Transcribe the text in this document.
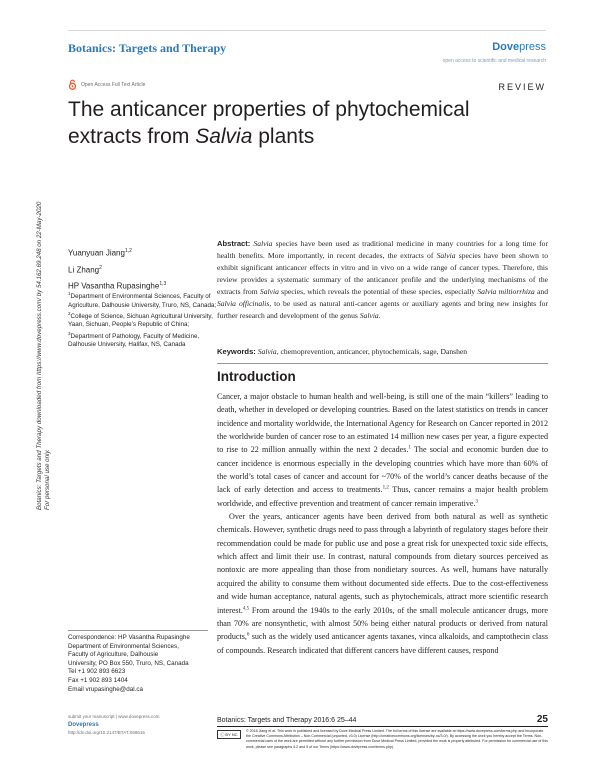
Botanics: Targets and Therapy	Dovepress
open access to scientific and medical research
Open Access Full Text Article	REVIEW
The anticancer properties of phytochemical
extracts from Salvia plants
Botanics: Targets and Therapy downloaded from https://www.dovepress.com/ by 54.162.69.248 on 22-May-2020 For personal use only.
Yuanyuan Jiang$^{1,2}$
Li Zhang$^2$
HP Vasantha Rupasinghe$^{1,3}$
$^1$Department of Environmental Sciences, Faculty of Agriculture, Dalhousie University, Truro, NS, Canada; $^2$College of Science, Sichuan Agricultural University, Yaan, Sichuan, People’s Republic of China; $^3$Department of Pathology, Faculty of Medicine, Dalhousie University, Halifax, NS, Canada
Correspondence: HP Vasantha Rupasinghe
Department of Environmental Sciences,
Faculty of Agriculture, Dalhousie
University, PO Box 550, Truro, NS, Canada
Tel +1 902 893 6623
Fax +1 902 893 1404
Email vrupasinghe@dal.ca
Abstract: Salvia species have been used as traditional medicine in many countries for a long time for health benefits. More importantly, in recent decades, the extracts of Salvia species have been shown to exhibit significant anticancer effects in vitro and in vivo on a wide range of cancer types. Therefore, this review provides a systematic summary of the anticancer profile and the underlying mechanisms of the extracts from Salvia species, which reveals the potential of these species, especially Salvia miltiorrhiza and Salvia officinalis, to be used as natural anti-cancer agents or auxiliary agents and bring new insights for further research and development of the genus Salvia.
Keywords: Salvia, chemoprevention, anticancer, phytochemicals, sage, Danshen
Introduction

Cancer, a major obstacle to human health and well-being, is still one of the main “killers” leading to death, whether in developed or developing countries. Based on the latest statistics on trends in cancer incidence and mortality worldwide, the International Agency for Research on Cancer reported in 2012 the worldwide burden of cancer rose to an estimated 14 million new cases per year, a figure expected to rise to 22 million annually within the next 2 decades.$^1$ The social and economic burden due to cancer incidence is enormous especially in the developing countries which have more than 60% of the world’s total cases of cancer and account for ~70% of the world’s cancer deaths because of the lack of early detection and access to treatments.$^{1,2}$ Thus, cancer remains a major health problem worldwide, and effective prevention and treatment of cancer remain imperative.$^3$

Over the years, anticancer agents have been derived from both natural as well as synthetic chemicals. However, synthetic drugs need to pass through a labyrinth of regulatory stages before their recommendation could be made for public use and pose a great risk for unexpected toxic side effects, which affect and limit their use. In contrast, natural compounds from dietary sources perceived as nontoxic are more appealing than those from nondietary sources. As well, humans have naturally acquired the ability to consume them without documented side effects. Due to the cost-effectiveness and wide human acceptance, natural agents, such as phytochemicals, attract more scientific research interest.$^{4,5}$ From around the 1940s to the early 2010s, of the small molecule anticancer drugs, more than 70% are nonsynthetic, with almost 50% being either natural products or derived from natural products,$^6$ such as the widely used anticancer agents taxanes, vinca alkaloids, and camptothecin class of compounds. Research indicated that different cancers have different causes, respond

submit your manuscript | www.dovepress.com
Dovepress
http://dx.doi.org/10.2147/BTAT.S68616
Botanics: Targets and Therapy 2016:6 25–44	25
ⓒ BY NC
© 2016 Jiang et al. This work is published and licensed by Dove Medical Press Limited. The full terms of this license are available at https://www.dovepress.com/terms.php and incorporate the Creative Commons Attribution – Non Commercial (unported, v3.0) License (http://creativecommons.org/licenses/by-nc/3.0/). By accessing the work you hereby accept the Terms. Non-commercial uses of the work are permitted without any further permission from Dove Medical Press Limited, provided the work is properly attributed. For permission for commercial use of this work, please see paragraphs 4.2 and 5 of our Terms (https://www.dovepress.com/terms.php).
